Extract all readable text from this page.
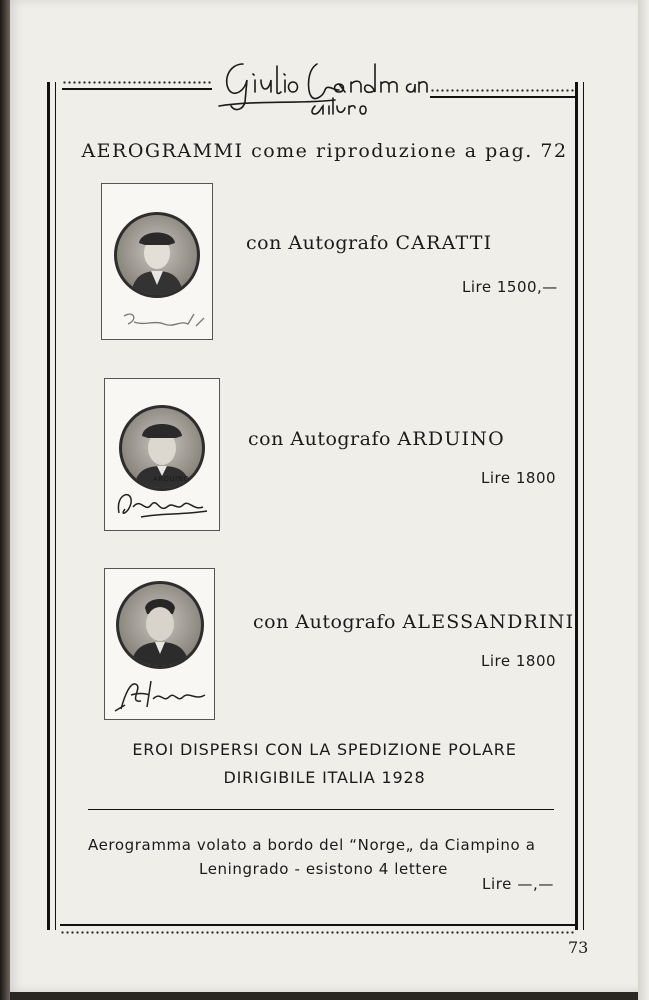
AEROGRAMMI come riproduzione a pag. 72
con Autografo CARATTI
Lire 1500,—
ARDUINO
con Autografo ARDUINO
Lire 1800
con Autografo ALESSANDRINI
Lire 1800
EROI DISPERSI CON LA SPEDIZIONE POLARE
DIRIGIBILE ITALIA 1928
Aerogramma volato a bordo del “Norge„ da Ciampino a
Leningrado - esistono 4 lettere
Lire —,—
73
